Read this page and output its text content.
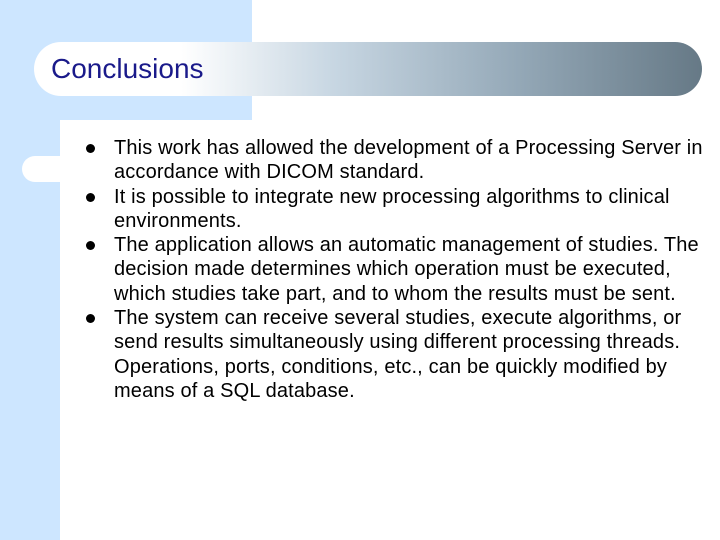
Conclusions
This work has allowed the development of a Processing Server in accordance with DICOM standard.
It is possible to integrate new processing algorithms to clinical environments.
The application allows an automatic management of studies. The decision made determines which operation must be executed, which studies take part, and to whom the results must be sent.
The system can receive several studies, execute algorithms, or send results simultaneously using different processing threads. Operations, ports, conditions, etc., can be quickly modified by means of a SQL database.
